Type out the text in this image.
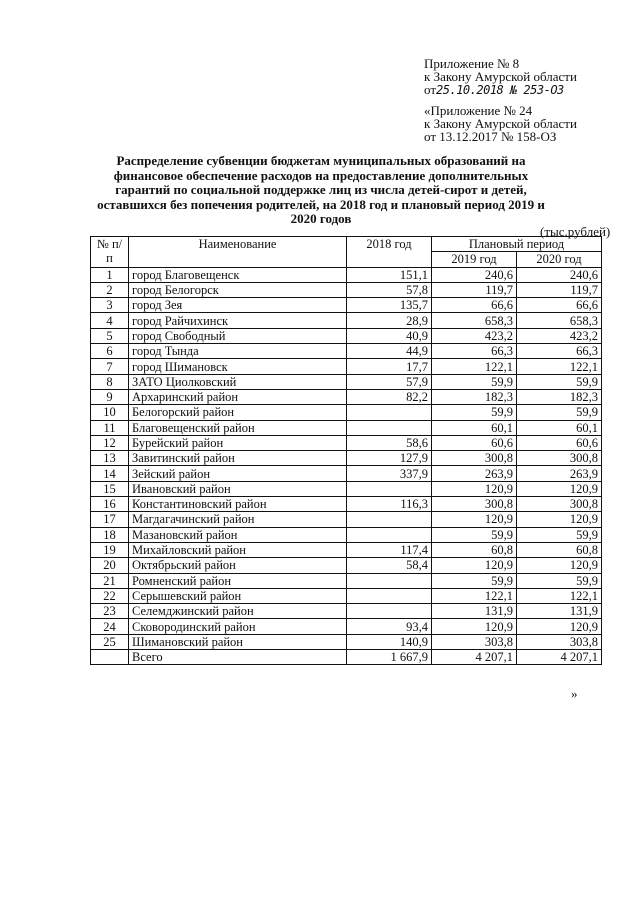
Приложение № 8
к Закону Амурской области
от25.10.2018 № 253-ОЗ
«Приложение № 24
к Закону Амурской области
от 13.12.2017 № 158-ОЗ
Распределение субвенции бюджетам муниципальных образований на финансовое обеспечение расходов на предоставление дополнительных гарантий по социальной поддержке лиц из числа детей-сирот и детей, оставшихся без попечения родителей, на 2018 год и плановый период 2019 и 2020 годов
(тыс.рублей)
№ п/п	Наименование	2018 год	Плановый период	
			2019 год	2020 год
1	город Благовещенск	151,1	240,6	240,6
2	город Белогорск	57,8	119,7	119,7
3	город Зея	135,7	66,6	66,6
4	город Райчихинск	28,9	658,3	658,3
5	город Свободный	40,9	423,2	423,2
6	город Тында	44,9	66,3	66,3
7	город Шимановск	17,7	122,1	122,1
8	ЗАТО Циолковский	57,9	59,9	59,9
9	Архаринский район	82,2	182,3	182,3
10	Белогорский район		59,9	59,9
11	Благовещенский район		60,1	60,1
12	Бурейский район	58,6	60,6	60,6
13	Завитинский район	127,9	300,8	300,8
14	Зейский район	337,9	263,9	263,9
15	Ивановский район		120,9	120,9
16	Константиновский район	116,3	300,8	300,8
17	Магдагачинский район		120,9	120,9
18	Мазановский район		59,9	59,9
19	Михайловский район	117,4	60,8	60,8
20	Октябрьский район	58,4	120,9	120,9
21	Ромненский район		59,9	59,9
22	Серышевский район		122,1	122,1
23	Селемджинский район		131,9	131,9
24	Сковородинский район	93,4	120,9	120,9
25	Шимановский район	140,9	303,8	303,8
	Всего	1 667,9	4 207,1	4 207,1
»
